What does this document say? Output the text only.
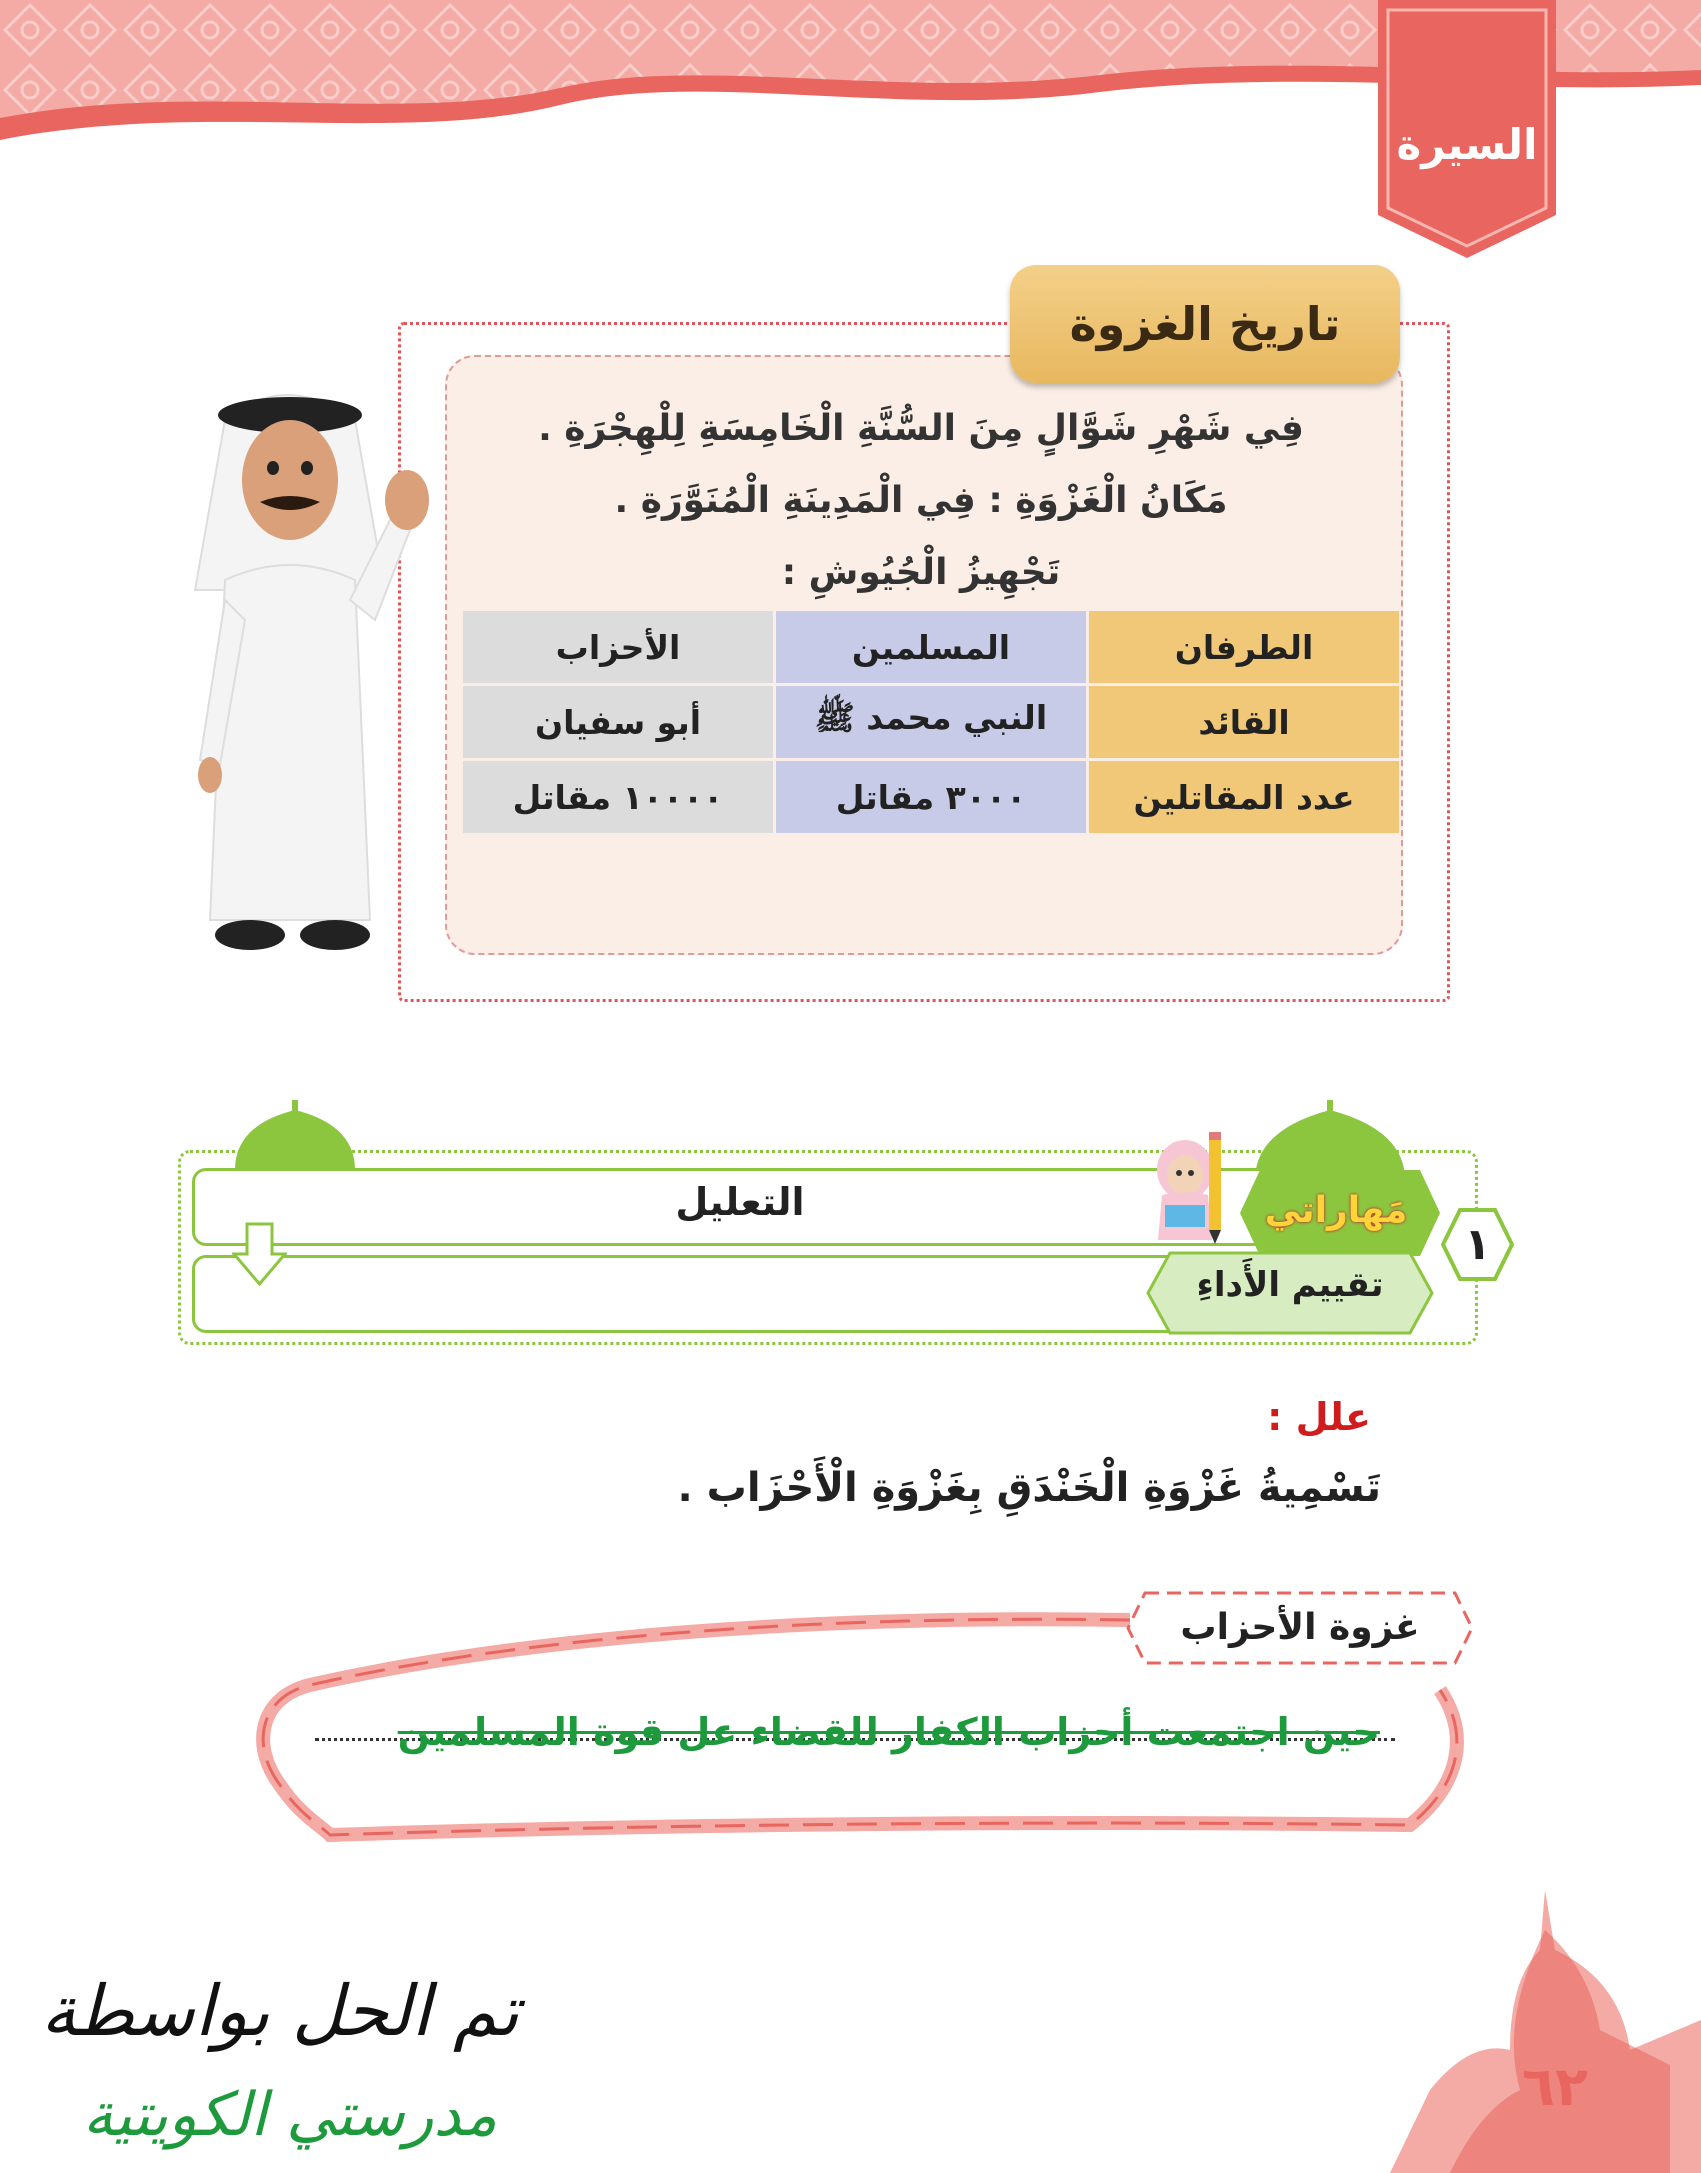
السيرة
تاريخ الغزوة
فِي شَهْرِ شَوَّالٍ مِنَ السُّنَّةِ الْخَامِسَةِ لِلْهِجْرَةِ .
مَكَانُ الْغَزْوَةِ : فِي الْمَدِينَةِ الْمُنَوَّرَةِ .
تَجْهِيزُ الْجُيُوشِ :
الطرفان	المسلمين	الأحزاب
القائد	النبي محمد ﷺ	أبو سفيان
عدد المقاتلين	٣٠٠٠ مقاتل	١٠٠٠٠ مقاتل
التعليل	مَهاراتي
تقييم الأَداءِ
١
علل :
تَسْمِيةُ غَزْوَةِ الْخَنْدَقِ بِغَزْوَةِ الْأَحْزَاب .
غزوة الأحزاب
حين اجتمعت أحزاب الكفار للقضاء عل قوة المسلمين
٦٢
تم الحل بواسطة
مدرستي الكويتية
